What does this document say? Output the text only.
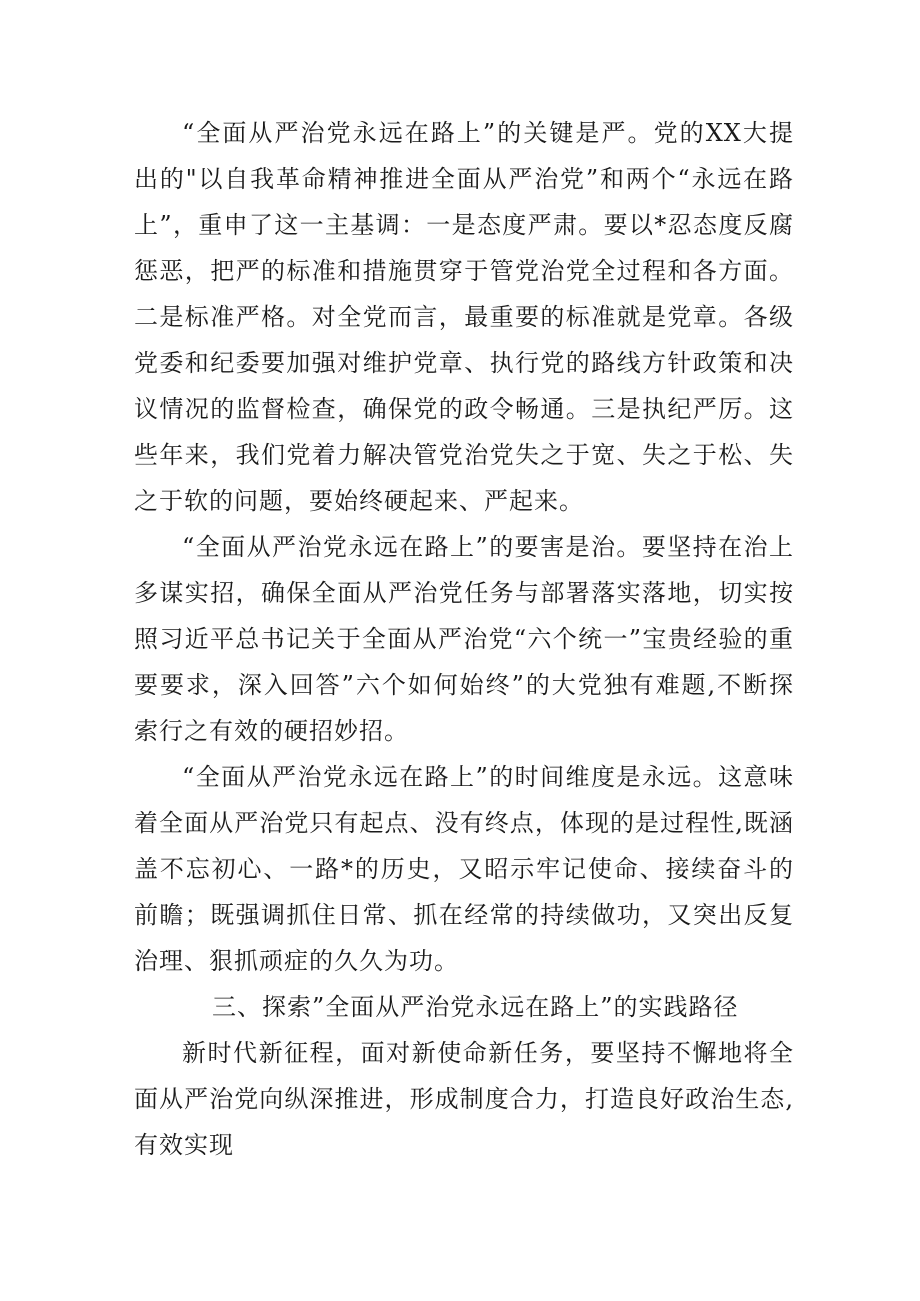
“全面从严治党永远在路上”的关键是严。党的XX大提出的"以自我革命精神推进全面从严治党”和两个“永远在路上”，重申了这一主基调：一是态度严肃。要以*忍态度反腐惩恶，把严的标准和措施贯穿于管党治党全过程和各方面。二是标准严格。对全党而言，最重要的标准就是党章。各级党委和纪委要加强对维护党章、执行党的路线方针政策和决议情况的监督检查，确保党的政令畅通。三是执纪严厉。这些年来，我们党着力解决管党治党失之于宽、失之于松、失之于软的问题，要始终硬起来、严起来。

“全面从严治党永远在路上”的要害是治。要坚持在治上多谋实招，确保全面从严治党任务与部署落实落地，切实按照习近平总书记关于全面从严治党“六个统一”宝贵经验的重要要求，深入回答”六个如何始终”的大党独有难题,不断探索行之有效的硬招妙招。

“全面从严治党永远在路上”的时间维度是永远。这意味着全面从严治党只有起点、没有终点，体现的是过程性,既涵盖不忘初心、一路*的历史，又昭示牢记使命、接续奋斗的前瞻；既强调抓住日常、抓在经常的持续做功，又突出反复治理、狠抓顽症的久久为功。

三、探索”全面从严治党永远在路上”的实践路径

新时代新征程，面对新使命新任务，要坚持不懈地将全面从严治党向纵深推进，形成制度合力，打造良好政治生态,有效实现
